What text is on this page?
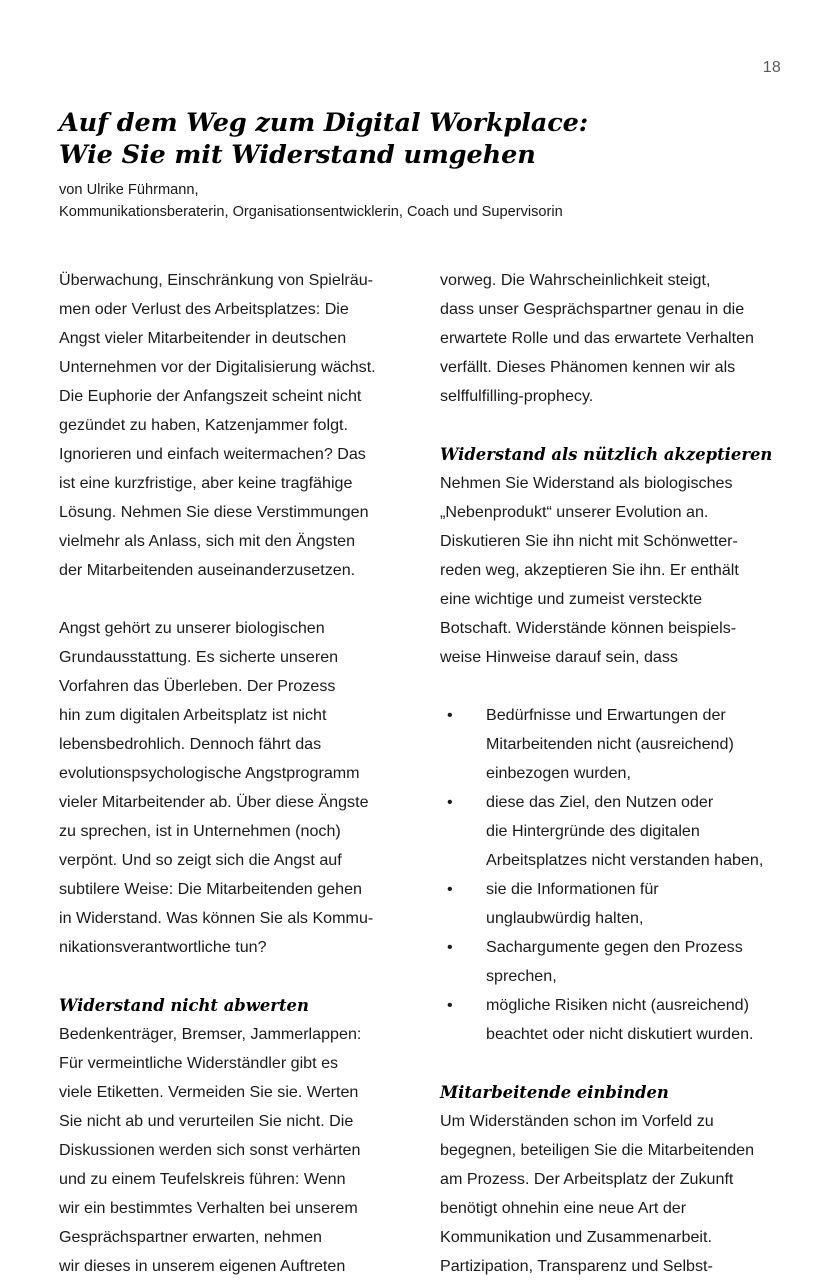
18
Auf dem Weg zum Digital Workplace:
Wie Sie mit Widerstand umgehen
von Ulrike Führmann,
Kommunikationsberaterin, Organisationsentwicklerin, Coach und Supervisorin

Überwachung, Einschränkung von Spielräu-
men oder Verlust des Arbeitsplatzes: Die
Angst vieler Mitarbeitender in deutschen
Unternehmen vor der Digitalisierung wächst.
Die Euphorie der Anfangszeit scheint nicht
gezündet zu haben, Katzenjammer folgt.
Ignorieren und einfach weitermachen? Das
ist eine kurzfristige, aber keine tragfähige
Lösung. Nehmen Sie diese Verstimmungen
vielmehr als Anlass, sich mit den Ängsten
der Mitarbeitenden auseinanderzusetzen.

Angst gehört zu unserer biologischen
Grundausstattung. Es sicherte unseren
Vorfahren das Überleben. Der Prozess
hin zum digitalen Arbeitsplatz ist nicht
lebensbedrohlich. Dennoch fährt das
evolutionspsychologische Angstprogramm
vieler Mitarbeitender ab. Über diese Ängste
zu sprechen, ist in Unternehmen (noch)
verpönt. Und so zeigt sich die Angst auf
subtilere Weise: Die Mitarbeitenden gehen
in Widerstand. Was können Sie als Kommu-
nikationsverantwortliche tun?

Widerstand nicht abwerten

Bedenkenträger, Bremser, Jammerlappen:
Für vermeintliche Widerständler gibt es
viele Etiketten. Vermeiden Sie sie. Werten
Sie nicht ab und verurteilen Sie nicht. Die
Diskussionen werden sich sonst verhärten
und zu einem Teufelskreis führen: Wenn
wir ein bestimmtes Verhalten bei unserem
Gesprächspartner erwarten, nehmen
wir dieses in unserem eigenen Auftreten

vorweg. Die Wahrscheinlichkeit steigt,
dass unser Gesprächspartner genau in die
erwartete Rolle und das erwartete Verhalten
verfällt. Dieses Phänomen kennen wir als
selffulfilling-prophecy.

Widerstand als nützlich akzeptieren

Nehmen Sie Widerstand als biologisches
„Nebenprodukt“ unserer Evolution an.
Diskutieren Sie ihn nicht mit Schönwetter-
reden weg, akzeptieren Sie ihn. Er enthält
eine wichtige und zumeist versteckte
Botschaft. Widerstände können beispiels-
weise Hinweise darauf sein, dass

• Bedürfnisse und Erwartungen der
Mitarbeitenden nicht (ausreichend)
einbezogen wurden,
• diese das Ziel, den Nutzen oder
die Hintergründe des digitalen
Arbeitsplatzes nicht verstanden haben,
• sie die Informationen für
unglaubwürdig halten,
• Sachargumente gegen den Prozess
sprechen,
• mögliche Risiken nicht (ausreichend)
beachtet oder nicht diskutiert wurden.
Mitarbeitende einbinden

Um Widerständen schon im Vorfeld zu
begegnen, beteiligen Sie die Mitarbeitenden
am Prozess. Der Arbeitsplatz der Zukunft
benötigt ohnehin eine neue Art der
Kommunikation und Zusammenarbeit.
Partizipation, Transparenz und Selbst-
